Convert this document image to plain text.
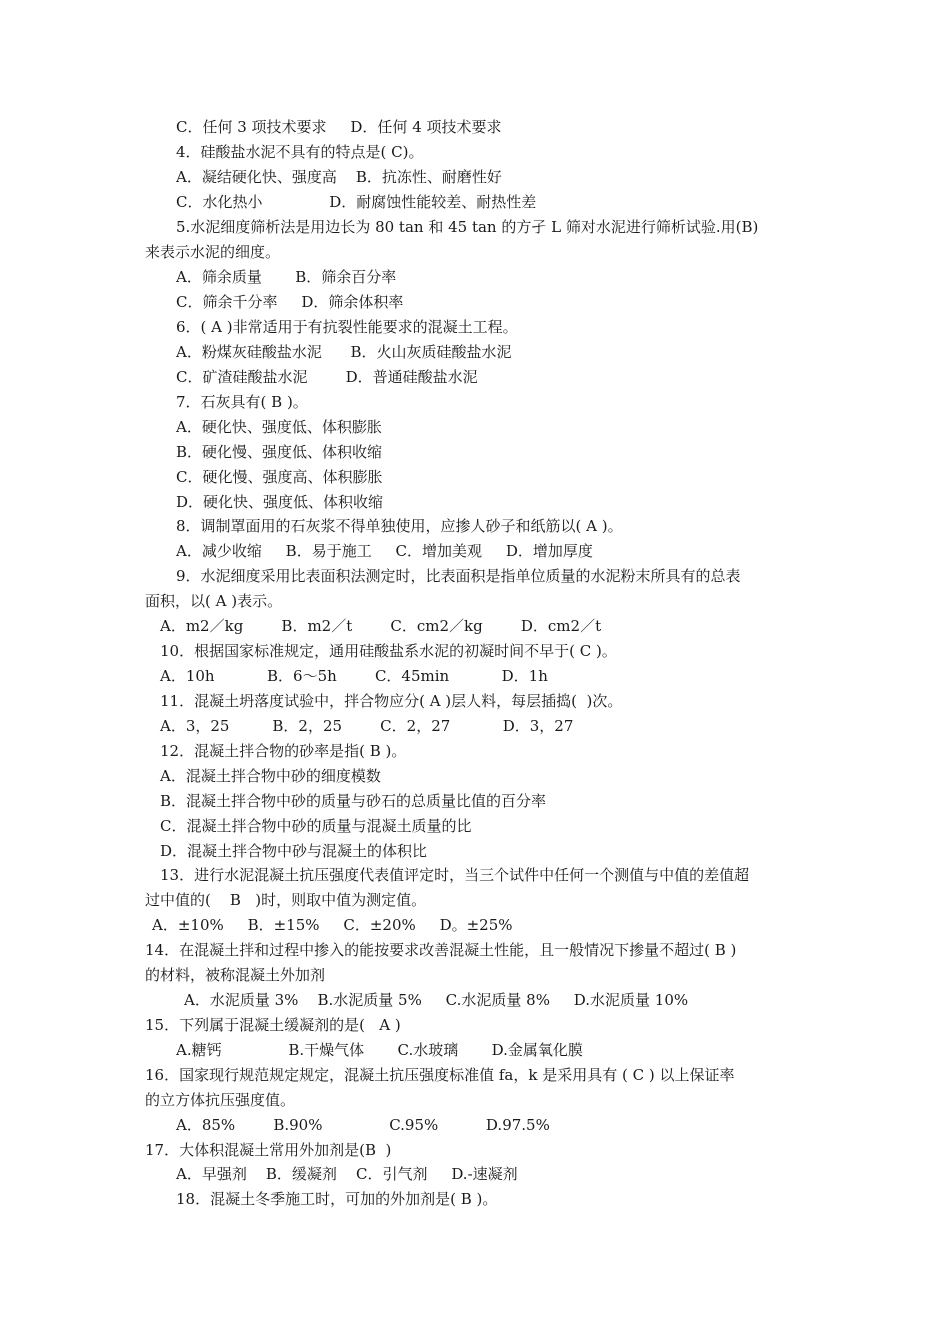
C．任何 3 项技术要求     D．任何 4 项技术要求
4．硅酸盐水泥不具有的特点是( C)。
A．凝结硬化快、强度高    B．抗冻性、耐磨性好
C．水化热小              D．耐腐蚀性能较差、耐热性差
5.水泥细度筛析法是用边长为 80 tan 和 45 tan 的方孑 L 筛对水泥进行筛析试验.用(B)
来表示水泥的细度。
A．筛余质量       B．筛余百分率
C．筛余千分率     D．筛余体积率
6．( A )非常适用于有抗裂性能要求的混凝土工程。
A．粉煤灰硅酸盐水泥      B．火山灰质硅酸盐水泥
C．矿渣硅酸盐水泥        D．普通硅酸盐水泥
7．石灰具有( B )。
A．硬化快、强度低、体积膨胀
B．硬化慢、强度低、体积收缩
C．硬化慢、强度高、体积膨胀
D．硬化快、强度低、体积收缩
8．调制罩面用的石灰浆不得单独使用，应掺人砂子和纸筋以( A )。
A．减少收缩     B．易于施工     C．增加美观     D．增加厚度
9．水泥细度采用比表面积法测定时，比表面积是指单位质量的水泥粉末所具有的总表
面积，以( A )表示。
A．m2／kg        B．m2／t        C．cm2／kg        D．cm2／t
10．根据国家标准规定，通用硅酸盐系水泥的初凝时间不早于( C )。
A．10h           B．6～5h        C．45min           D．1h
11．混凝土坍落度试验中，拌合物应分( A )层人料，每层插捣(  )次。
A．3，25         B．2，25        C．2，27           D．3，27
12．混凝土拌合物的砂率是指( B )。
A．混凝土拌合物中砂的细度模数
B．混凝土拌合物中砂的质量与砂石的总质量比值的百分率
C．混凝土拌合物中砂的质量与混凝土质量的比
D．混凝土拌合物中砂与混凝土的体积比
13．进行水泥混凝土抗压强度代表值评定时，当三个试件中任何一个测值与中值的差值超
过中值的(    B   )时，则取中值为测定值。
A．±10%     B．±15%     C．±20%     D。±25%
14．在混凝土拌和过程中掺入的能按要求改善混凝土性能，且一般情况下掺量不超过( B )
的材料，被称混凝土外加剂
A．水泥质量 3%    B.水泥质量 5%     C.水泥质量 8%     D.水泥质量 10%
15．下列属于混凝土缓凝剂的是(   A )
A.糖钙              B.干燥气体       C.水玻璃       D.金属氧化膜
16．国家现行规范规定规定，混凝土抗压强度标准值 fa，k 是采用具有 ( C ) 以上保证率
的立方体抗压强度值。
A．85%        B.90%              C.95%          D.97.5%
17．大体积混凝土常用外加剂是(B  )
A．早强剂    B．缓凝剂    C．引气剂     D.-速凝剂
18．混凝土冬季施工时，可加的外加剂是( B )。
